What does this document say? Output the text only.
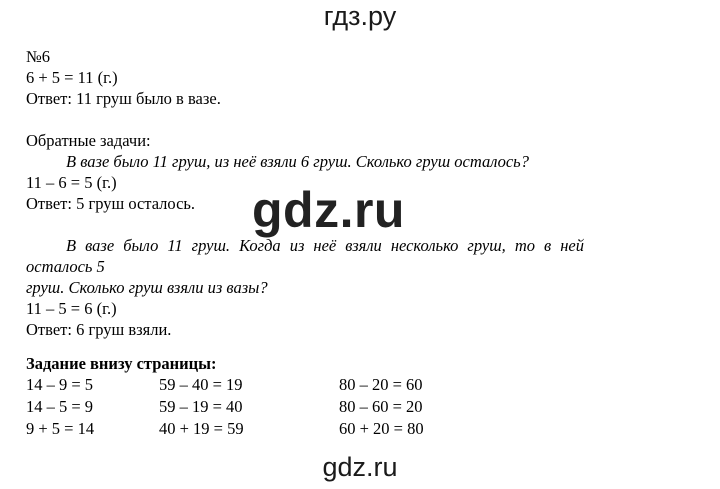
гдз.ру
№6
6 + 5 = 11 (г.)
Ответ: 11 груш было в вазе.
Обратные задачи:
В вазе было 11 груш, из неё взяли 6 груш. Сколько груш осталось?
11 – 6 = 5 (г.)
Ответ: 5 груш осталось.
В вазе было 11 груш. Когда из неё взяли несколько груш, то в ней осталось 5
груш. Сколько груш взяли из вазы?
11 – 5 = 6 (г.)
Ответ: 6 груш взяли.
Задание внизу страницы:
14 – 9 = 5	59 – 40 = 19	80 – 20 = 60
14 – 5 = 9	59 – 19 = 40	80 – 60 = 20
9 + 5 = 14	40 + 19 = 59	60 + 20 = 80
gdz.ru
gdz.ru
